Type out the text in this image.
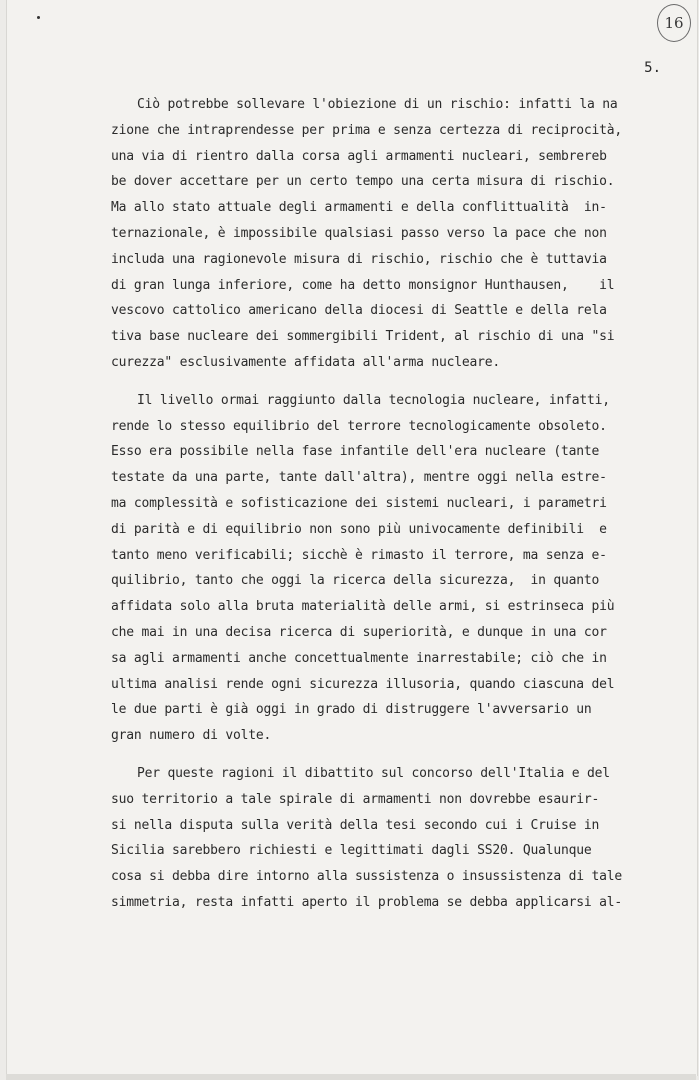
16
5.
Ciò potrebbe sollevare l'obiezione di un rischio: infatti la na
zione che intraprendesse per prima e senza certezza di reciprocità,
una via di rientro dalla corsa agli armamenti nucleari, sembrereb
be dover accettare per un certo tempo una certa misura di rischio.
Ma allo stato attuale degli armamenti e della conflittualità  in-
ternazionale, è impossibile qualsiasi passo verso la pace che non
includa una ragionevole misura di rischio, rischio che è tuttavia
di gran lunga inferiore, come ha detto monsignor Hunthausen,    il
vescovo cattolico americano della diocesi di Seattle e della rela
tiva base nucleare dei sommergibili Trident, al rischio di una "si
curezza" esclusivamente affidata all'arma nucleare.
Il livello ormai raggiunto dalla tecnologia nucleare, infatti,
rende lo stesso equilibrio del terrore tecnologicamente obsoleto.
Esso era possibile nella fase infantile dell'era nucleare (tante
testate da una parte, tante dall'altra), mentre oggi nella estre-
ma complessità e sofisticazione dei sistemi nucleari, i parametri
di parità e di equilibrio non sono più univocamente definibili  e
tanto meno verificabili; sicchè è rimasto il terrore, ma senza e-
quilibrio, tanto che oggi la ricerca della sicurezza,  in quanto
affidata solo alla bruta materialità delle armi, si estrinseca più
che mai in una decisa ricerca di superiorità, e dunque in una cor
sa agli armamenti anche concettualmente inarrestabile; ciò che in
ultima analisi rende ogni sicurezza illusoria, quando ciascuna del
le due parti è già oggi in grado di distruggere l'avversario un
gran numero di volte.
Per queste ragioni il dibattito sul concorso dell'Italia e del
suo territorio a tale spirale di armamenti non dovrebbe esaurir-
si nella disputa sulla verità della tesi secondo cui i Cruise in
Sicilia sarebbero richiesti e legittimati dagli SS20. Qualunque
cosa si debba dire intorno alla sussistenza o insussistenza di tale
simmetria, resta infatti aperto il problema se debba applicarsi al-
